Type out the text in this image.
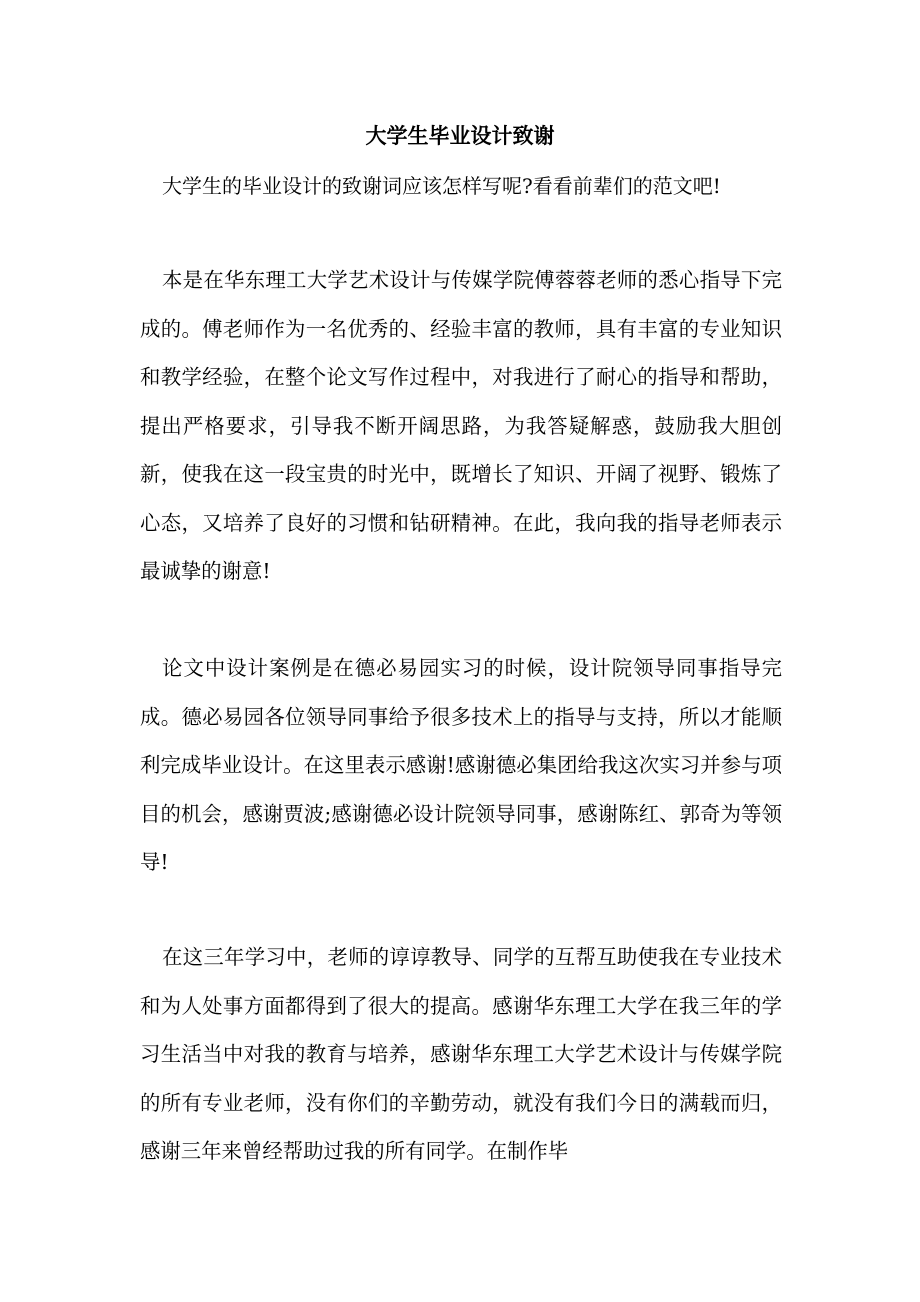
大学生毕业设计致谢

大学生的毕业设计的致谢词应该怎样写呢?看看前辈们的范文吧!

本是在华东理工大学艺术设计与传媒学院傅蓉蓉老师的悉心指导下完成的。傅老师作为一名优秀的、经验丰富的教师，具有丰富的专业知识和教学经验，在整个论文写作过程中，对我进行了耐心的指导和帮助，提出严格要求，引导我不断开阔思路，为我答疑解惑，鼓励我大胆创新，使我在这一段宝贵的时光中，既增长了知识、开阔了视野、锻炼了心态，又培养了良好的习惯和钻研精神。在此，我向我的指导老师表示最诚挚的谢意!

论文中设计案例是在德必易园实习的时候，设计院领导同事指导完成。德必易园各位领导同事给予很多技术上的指导与支持，所以才能顺利完成毕业设计。在这里表示感谢!感谢德必集团给我这次实习并参与项目的机会，感谢贾波;感谢德必设计院领导同事，感谢陈红、郭奇为等领导!

在这三年学习中，老师的谆谆教导、同学的互帮互助使我在专业技术和为人处事方面都得到了很大的提高。感谢华东理工大学在我三年的学习生活当中对我的教育与培养，感谢华东理工大学艺术设计与传媒学院的所有专业老师，没有你们的辛勤劳动，就没有我们今日的满载而归，感谢三年来曾经帮助过我的所有同学。在制作毕
